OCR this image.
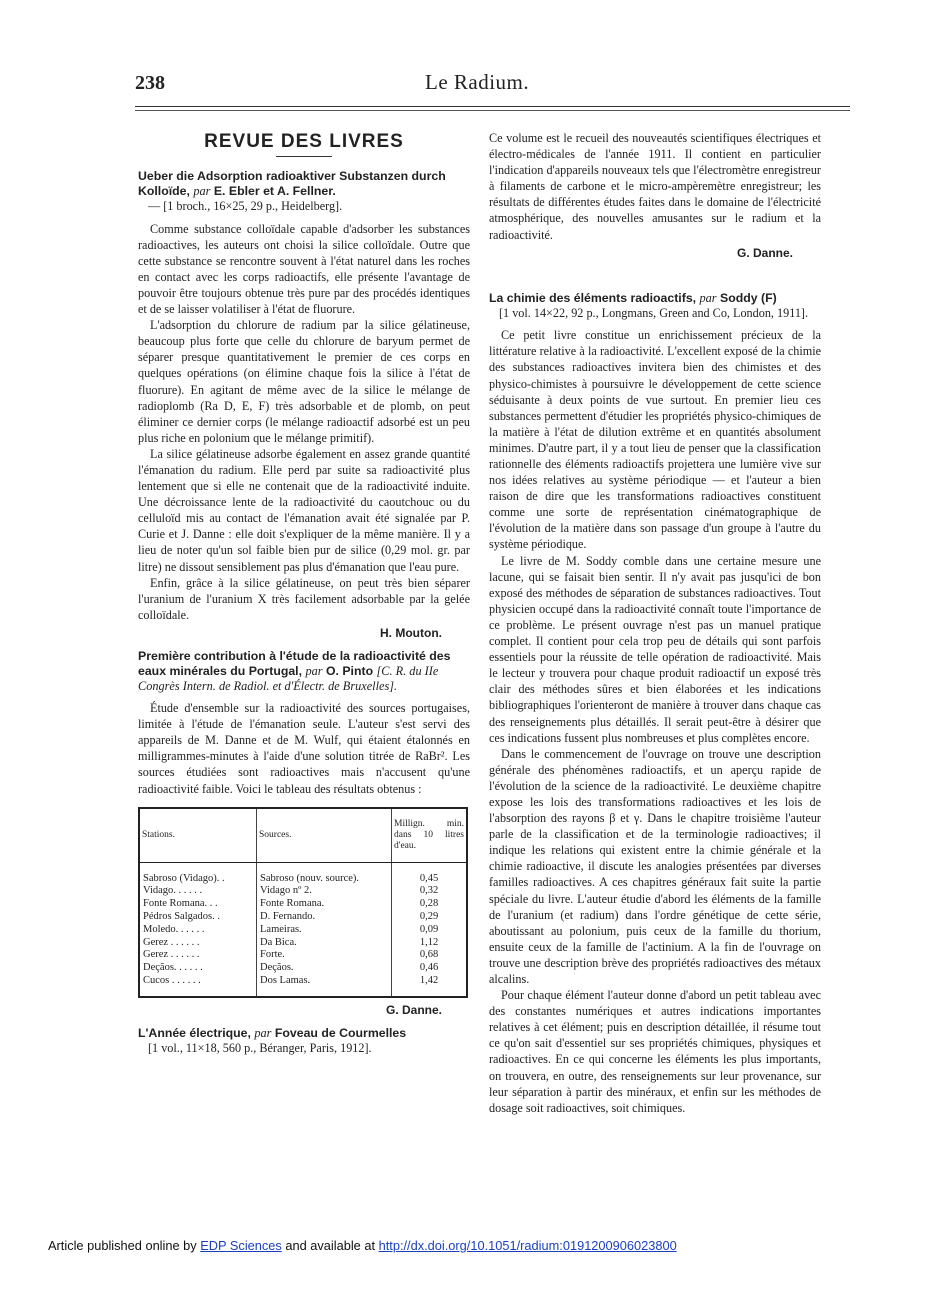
238	Le Radium.
REVUE DES LIVRES

Ueber die Adsorption radioaktiver Substanzen durch Kolloïde, par E. Ebler et A. Fellner.

— [1 broch., 16×25, 29 p., Heidelberg].

Comme substance colloïdale capable d'adsorber les substances radioactives, les auteurs ont choisi la silice colloïdale. Outre que cette substance se rencontre souvent à l'état naturel dans les roches en contact avec les corps radioactifs, elle présente l'avantage de pouvoir être toujours obtenue très pure par des procédés identiques et de se laisser volatiliser à l'état de fluorure.

L'adsorption du chlorure de radium par la silice gélatineuse, beaucoup plus forte que celle du chlorure de baryum permet de séparer presque quantitativement le premier de ces corps en quelques opérations (on élimine chaque fois la silice à l'état de fluorure). En agitant de même avec de la silice le mélange de radioplomb (Ra D, E, F) très adsorbable et de plomb, on peut éliminer ce dernier corps (le mélange radioactif adsorbé est un peu plus riche en polonium que le mélange primitif).

La silice gélatineuse adsorbe également en assez grande quantité l'émanation du radium. Elle perd par suite sa radioactivité plus lentement que si elle ne contenait que de la radioactivité induite. Une décroissance lente de la radioactivité du caoutchouc ou du celluloïd mis au contact de l'émanation avait été signalée par P. Curie et J. Danne : elle doit s'expliquer de la même manière. Il y a lieu de noter qu'un sol faible bien pur de silice (0,29 mol. gr. par litre) ne dissout sensiblement pas plus d'émanation que l'eau pure.

Enfin, grâce à la silice gélatineuse, on peut très bien séparer l'uranium de l'uranium X très facilement adsorbable par la gelée colloïdale.

H. Mouton.

Première contribution à l'étude de la radioactivité des eaux minérales du Portugal, par O. Pinto [C. R. du IIe Congrès Intern. de Radiol. et d'Électr. de Bruxelles].

Étude d'ensemble sur la radioactivité des sources portugaises, limitée à l'étude de l'émanation seule. L'auteur s'est servi des appareils de M. Danne et de M. Wulf, qui étaient étalonnés en milligrammes-minutes à l'aide d'une solution titrée de RaBr². Les sources étudiées sont radioactives mais n'accusent qu'une radioactivité faible. Voici le tableau des résultats obtenus :

Stations.	Sources.	Millign. min. dans 10 litres d'eau.
Sabroso (Vidago). .	Sabroso (nouv. source).	0,45
Vidago. . . . . .	Vidago nº 2.	0,32
Fonte Romana. . .	Fonte Romana.	0,28
Pédros Salgados. .	D. Fernando.	0,29
Moledo. . . . . .	Lameiras.	0,09
Gerez . . . . . .	Da Bica.	1,12
Gerez . . . . . .	Forte.	0,68
Deçãos. . . . . .	Deçãos.	0,46
Cucos . . . . . .	Dos Lamas.	1,42
G. Danne.

L'Année électrique, par Foveau de Courmelles

[1 vol., 11×18, 560 p., Béranger, Paris, 1912].

Ce volume est le recueil des nouveautés scientifiques électriques et électro-médicales de l'année 1911. Il contient en particulier l'indication d'appareils nouveaux tels que l'électromètre enregistreur à filaments de carbone et le micro-ampèremètre enregistreur; les résultats de différentes études faites dans le domaine de l'électricité atmosphérique, des nouvelles amusantes sur le radium et la radioactivité.

G. Danne.

La chimie des éléments radioactifs, par Soddy (F)

[1 vol. 14×22, 92 p., Longmans, Green and Co, London, 1911].

Ce petit livre constitue un enrichissement précieux de la littérature relative à la radioactivité. L'excellent exposé de la chimie des substances radioactives invitera bien des chimistes et des physico-chimistes à poursuivre le développement de cette science séduisante à deux points de vue surtout. En premier lieu ces substances permettent d'étudier les propriétés physico-chimiques de la matière à l'état de dilution extrême et en quantités absolument minimes. D'autre part, il y a tout lieu de penser que la classification rationnelle des éléments radioactifs projettera une lumière vive sur nos idées relatives au système périodique — et l'auteur a bien raison de dire que les transformations radioactives constituent comme une sorte de représentation cinématographique de l'évolution de la matière dans son passage d'un groupe à l'autre du système périodique.

Le livre de M. Soddy comble dans une certaine mesure une lacune, qui se faisait bien sentir. Il n'y avait pas jusqu'ici de bon exposé des méthodes de séparation de substances radioactives. Tout physicien occupé dans la radioactivité connaît toute l'importance de ce problème. Le présent ouvrage n'est pas un manuel pratique complet. Il contient pour cela trop peu de détails qui sont parfois essentiels pour la réussite de telle opération de radioactivité. Mais le lecteur y trouvera pour chaque produit radioactif un exposé très clair des méthodes sûres et bien élaborées et les indications bibliographiques l'orienteront de manière à trouver dans chaque cas des renseignements plus détaillés. Il serait peut-être à désirer que ces indications fussent plus nombreuses et plus complètes encore.

Dans le commencement de l'ouvrage on trouve une description générale des phénomènes radioactifs, et un aperçu rapide de l'évolution de la science de la radioactivité. Le deuxième chapitre expose les lois des transformations radioactives et les lois de l'absorption des rayons β et γ. Dans le chapitre troisième l'auteur parle de la classification et de la terminologie radioactives; il indique les relations qui existent entre la chimie générale et la chimie radioactive, il discute les analogies présentées par diverses familles radioactives. A ces chapitres généraux fait suite la partie spéciale du livre. L'auteur étudie d'abord les éléments de la famille de l'uranium (et radium) dans l'ordre génétique de cette série, aboutissant au polonium, puis ceux de la famille du thorium, ensuite ceux de la famille de l'actinium. A la fin de l'ouvrage on trouve une description brève des propriétés radioactives des métaux alcalins.

Pour chaque élément l'auteur donne d'abord un petit tableau avec des constantes numériques et autres indications importantes relatives à cet élément; puis en description détaillée, il résume tout ce qu'on sait d'essentiel sur ses propriétés chimiques, physiques et radioactives. En ce qui concerne les éléments les plus importants, on trouvera, en outre, des renseignements sur leur provenance, sur leur séparation à partir des minéraux, et enfin sur les méthodes de dosage soit radioactives, soit chimiques.

Article published online by EDP Sciences and available at http://dx.doi.org/10.1051/radium:0191200906023800
